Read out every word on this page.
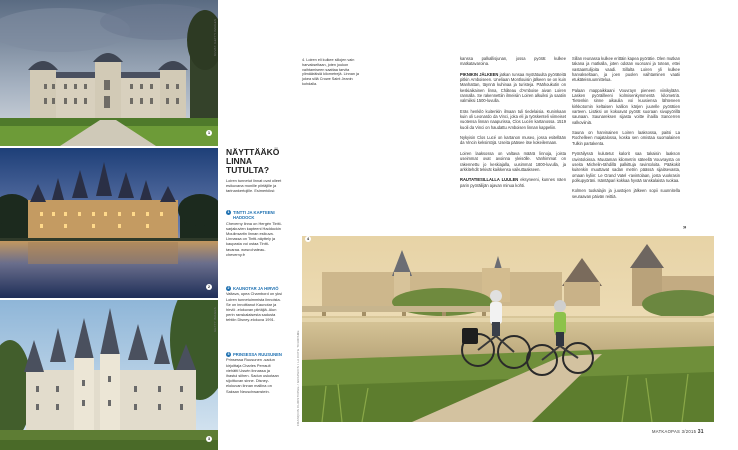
1
KUVAT: GETTY IMAGES
2
3
GETTY IMAGES
NÄYTTÄÄKÖ LINNA TUTULTA?
Loiren tunnetut linnat ovat olleet esikuvana monille piirtäjille ja tarinankertojille. Esimerkiksi:
1 TINTTI JA KAPTEENI HADDOCK
Cheverny linna on Hergén Tintti-sarjakuvien kapteeni Haddockin Moulinsartin linnan esikuva. Linnassa on Tintti-näyttely ja kaupasta voi ostaa Tintti-tavaraa. www.chateau-cheverny.fr
2 KAUNOTAR JA HIRVIÖ
Valtava, upea Chambord on yksi Loiren tunnetuimmista linnoista. Se on innoittanut Kaunotar ja hirviö -elokuvan piirtäjiä. Alun perin ranskalaisesta sadusta tehtiin Disney-elokuva 1991.
3 PRINSESSA RUUSUNEN
Prinsessa Ruusunen -sadun kirjoittaja Charles Perrault viehätti Ussén linnassa ja ihastui siihen. Sadun uskotaan sijoittuvan sinne. Disney-elokuvan linnan mallina on Saksan Neuschwanstein.
4. Loiren eli kulkee sillojen vain harvakseltaan, joten joukon vaihtamiseen saattaa tarvita ylimääräisiä kilometrejä. Linnan ja jokea sillä Crowe Saint Jeanin kohdalla.
FRANÇOIS CHRISTOPHE / GRAPHICS / LA COTE TOURISME
4

kanssa palkallisjunan, jossa pyörät kulkee matkatavaroina.

PIKNIKIN JÄLKEEN jatkan runsaa myötätuulta pyöräteitä pitkin Amboiseen. Uneliaan Montlouisin jälkeen se on kuin Manhattan, täynnä kuhinaa ja turisteja. Päähoukutin on keskiaikainen linna, Château d'Amboise aivan Loiren rannalla. Se rakennettiin ilmeisiin Loiren alkuiksi ja saatiin valmiiksi 1500-luvulla.

Eräs henkilö kuitenkin ilmaan tuli tiedelaisia. Kuninkaan kuin oli Leonardo da Vinci, joka eli ja työskenteli viimeiset vuotensa linnan naapurissa, Clos Lucén kartanossa. 1519 kuoli da Vinci on haudattu Amboisen linnan kappeliin.

Nykyisin Clos Lucé on kartanon museo, jossa esitellään da Vincin keksintöjä. Useita pääsee itse kokeilemaan.

Loiren laaksossa on valtava määrä linnoja, joista useimmat ovat avoinna yleisölle. Vanhimmat on rakennettu jo keskiajalla, uusimmat 1800-luvulla, ja arkkitehdit tekivät kaikkensa vaikuttaakseen.

RAUTATIESILLALLA LUULEN eksyneeni, kunnes näen parin pyöräilijän ajavan minua kohti.

Sillan reunassa kulkee erittäin kapea pyörätie. Olen mutkan takana ja matkalla, joten odotan vuoroani ja totean, ettei vastaantulijoita vaadi. Sillalta Loiren yli kulkee harvakseltaan, ja joen puolen vaihtaminen vaatii etukäteissuunnittelua.

Palaan mappaikkaani Vouvrayn pieneen viinikylään. Lasken pyöräilleeni kolmisenkymmentä kilometriä. Tietenkin sinne aikaulia voi kuusiensa lähteneen kirkkotornin keltaisen kallion kärjen juurelle pyörätien varteen. Lisäksi on kokoavat pyörät suoraan sivupyörillä saunaan. Saunareksen sijasta voitte ihailla Sancerren valkoviiniä.

Sauna on harvinainen Loiren laaksossa, paitsi La Rochelleen majatalossa, koska sen omistaa suomalainen Tulkin partakenta.

Pyöräilyssä kulutetut kalorit saa takaisin laakson ravintoloissa. Muutaman kilometrin säteellä Vouvraysta on useita Michelin-tähdillä palkittuja ravintoloita. Pääkokit kuitenkin muuttavat sadan metrin päässä sijaitsevasta, omaan kyliin: Le Grand Vatel -ravintolaan, josta vuokrasin polkupyöräni. Isäntäpari kokkaa hyvää ranskalaista ruokaa.

Kolmen tuokalajin ja juustojen jälkeen sopii suunnitella seuraavan päivän reittiä.

»
MATKAOPAS 3/2015 31
